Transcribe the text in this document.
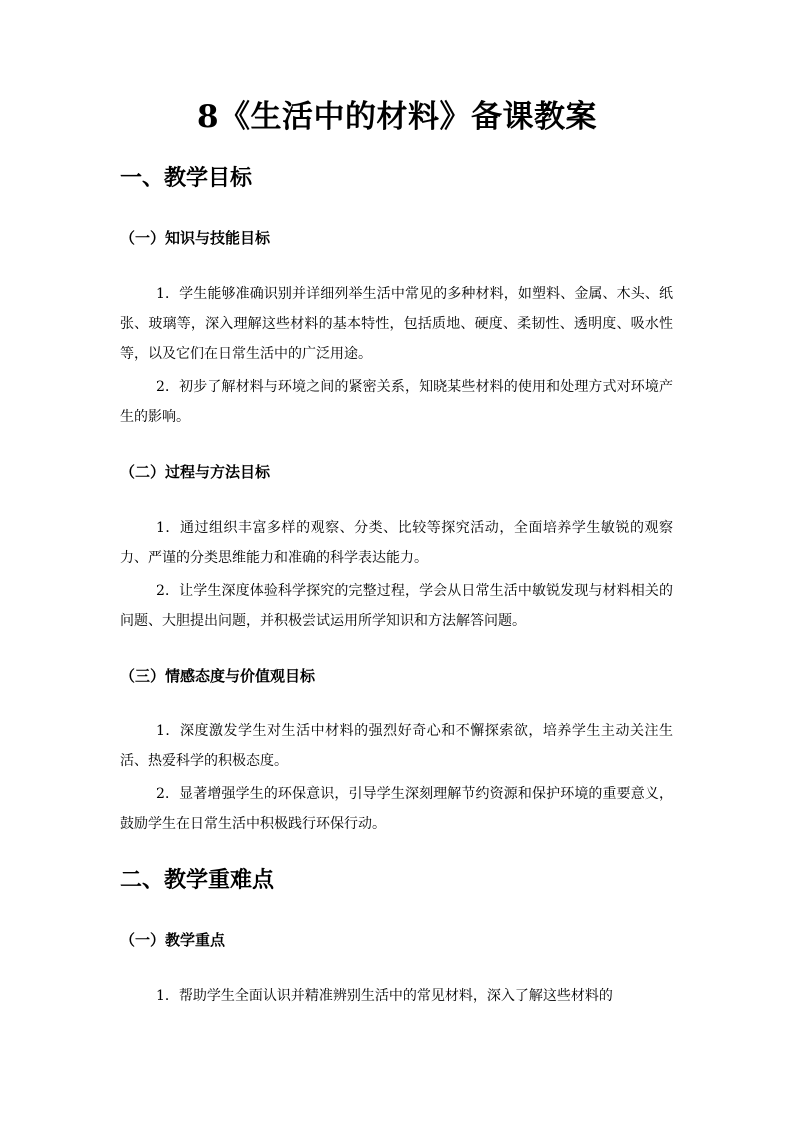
8《生活中的材料》备课教案
一、教学目标
（一）知识与技能目标
1．学生能够准确识别并详细列举生活中常见的多种材料，如塑料、金属、木头、纸张、玻璃等，深入理解这些材料的基本特性，包括质地、硬度、柔韧性、透明度、吸水性等，以及它们在日常生活中的广泛用途。
2．初步了解材料与环境之间的紧密关系，知晓某些材料的使用和处理方式对环境产生的影响。
（二）过程与方法目标
1．通过组织丰富多样的观察、分类、比较等探究活动，全面培养学生敏锐的观察力、严谨的分类思维能力和准确的科学表达能力。
2．让学生深度体验科学探究的完整过程，学会从日常生活中敏锐发现与材料相关的问题、大胆提出问题，并积极尝试运用所学知识和方法解答问题。
（三）情感态度与价值观目标
1．深度激发学生对生活中材料的强烈好奇心和不懈探索欲，培养学生主动关注生活、热爱科学的积极态度。
2．显著增强学生的环保意识，引导学生深刻理解节约资源和保护环境的重要意义，鼓励学生在日常生活中积极践行环保行动。
二、教学重难点
（一）教学重点
1．帮助学生全面认识并精准辨别生活中的常见材料，深入了解这些材料的
